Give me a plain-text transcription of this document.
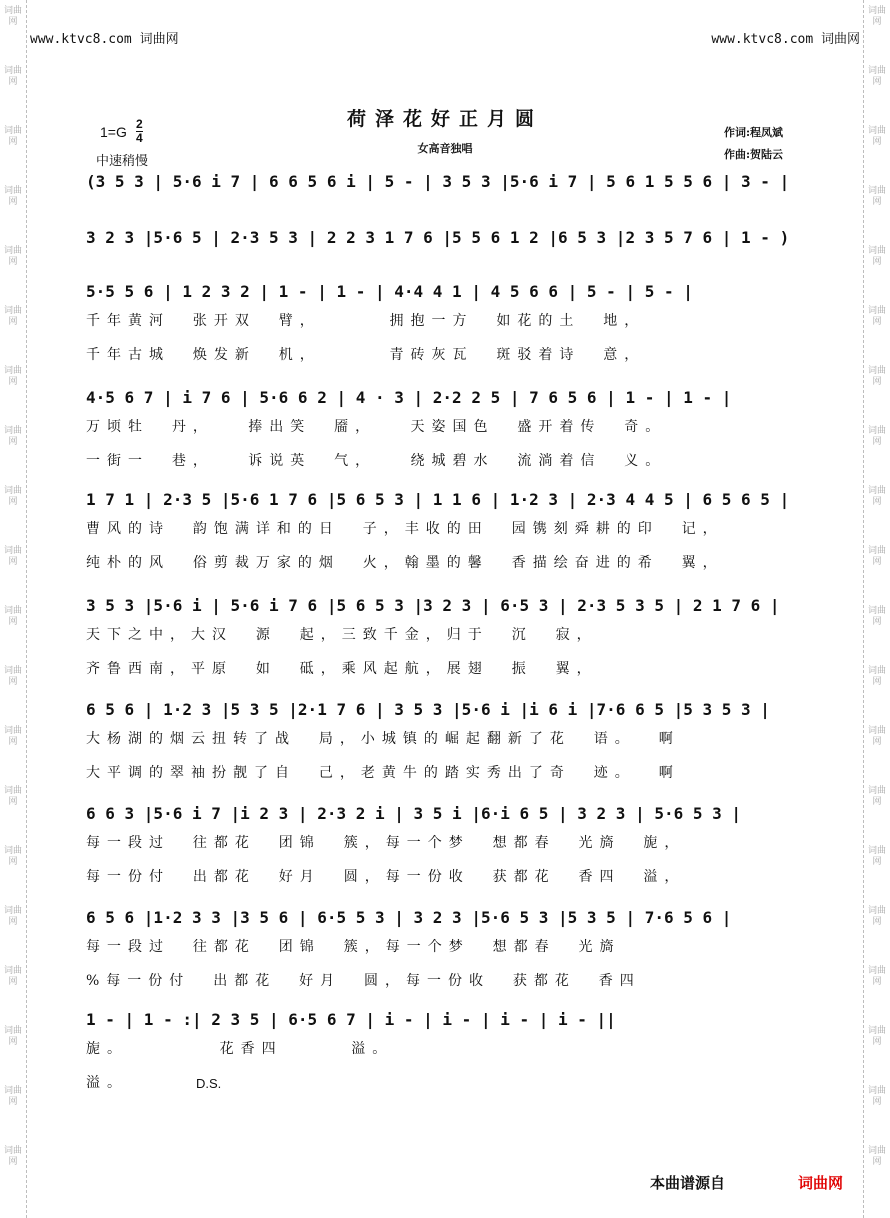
词曲网
词曲网
词曲网
词曲网
词曲网
词曲网
词曲网
词曲网
词曲网
词曲网
词曲网
词曲网
词曲网
词曲网
词曲网
词曲网
词曲网
词曲网
词曲网
词曲网
词曲网
词曲网
词曲网
词曲网
词曲网
词曲网
词曲网
词曲网
词曲网
词曲网
词曲网
词曲网
词曲网
词曲网
词曲网
词曲网
词曲网
词曲网
词曲网
词曲网
www.ktvc8.com 词曲网	www.ktvc8.com 词曲网
荷泽花好正月圆
女高音独唱
1=G 2
4
中速稍慢
作词:程凤斌
作曲:贺陆云
(3 5 3 | 5·6 i 7 | 6 6 5 6 i | 5 - | 3 5 3 |5·6 i 7 | 5 6 1 5 5 6 | 3 - |
3 2 3 |5·6 5 | 2·3 5 3 | 2 2 3 1 7 6 |5 5 6 1 2 |6 5 3 |2 3 5 7 6 | 1 - )
5·5 5 6 | 1 2 3 2 | 1 - | 1 - | 4·4 4 1 | 4 5 6 6 | 5 - | 5 - |
千年黄河  张开双  臂，      拥抱一方  如花的土  地，
千年古城  焕发新  机，      青砖灰瓦  斑驳着诗  意，
4·5 6 7 | i 7 6 | 5·6 6 2 | 4 · 3 | 2·2 2 5 | 7 6 5 6 | 1 - | 1 - |
万顷牡  丹，   捧出笑  靥，   天姿国色  盛开着传  奇。
一街一  巷，   诉说英  气，   绕城碧水  流淌着信  义。
1 7 1 | 2·3 5 |5·6 1 7 6 |5 6 5 3 | 1 1 6 | 1·2 3 | 2·3 4 4 5 | 6 5 6 5 |
曹风的诗  韵饱满详和的日  子，丰收的田  园镌刻舜耕的印  记，
纯朴的风  俗剪裁万家的烟  火，翰墨的馨  香描绘奋进的希  翼，
3 5 3 |5·6 i | 5·6 i 7 6 |5 6 5 3 |3 2 3 | 6·5 3 | 2·3 5 3 5 | 2 1 7 6 |
天下之中，大汉  源  起，三致千金，归于  沉  寂，
齐鲁西南，平原  如  砥，乘风起航，展翅  振  翼，
6 5 6 | 1·2 3 |5 3 5 |2·1 7 6 | 3 5 3 |5·6 i |i 6 i |7·6 6 5 |5 3 5 3 |
大杨湖的烟云扭转了战  局，小城镇的崛起翻新了花  语。  啊
大平调的翠袖扮靓了自  己，老黄牛的踏实秀出了奇  迹。  啊
6 6 3 |5·6 i 7 |i 2 3 | 2·3 2 i | 3 5 i |6·i 6 5 | 3 2 3 | 5·6 5 3 |
每一段过  往都花  团锦  簇，每一个梦  想都春  光旖  旎，
每一份付  出都花  好月  圆，每一份收  获都花  香四  溢，
6 5 6 |1·2 3 3 |3 5 6 | 6·5 5 3 | 3 2 3 |5·6 5 3 |5 3 5 | 7·6 5 6 |
每一段过  往都花  团锦  簇，每一个梦  想都春  光旖
%每一份付  出都花  好月  圆，每一份收  获都花  香四
1 - | 1 - :| 2 3 5 | 6·5 6 7 | i - | i - | i - | i - ||
旎。        花香四      溢。
溢。	D.S.
本曲谱源自	词曲网
